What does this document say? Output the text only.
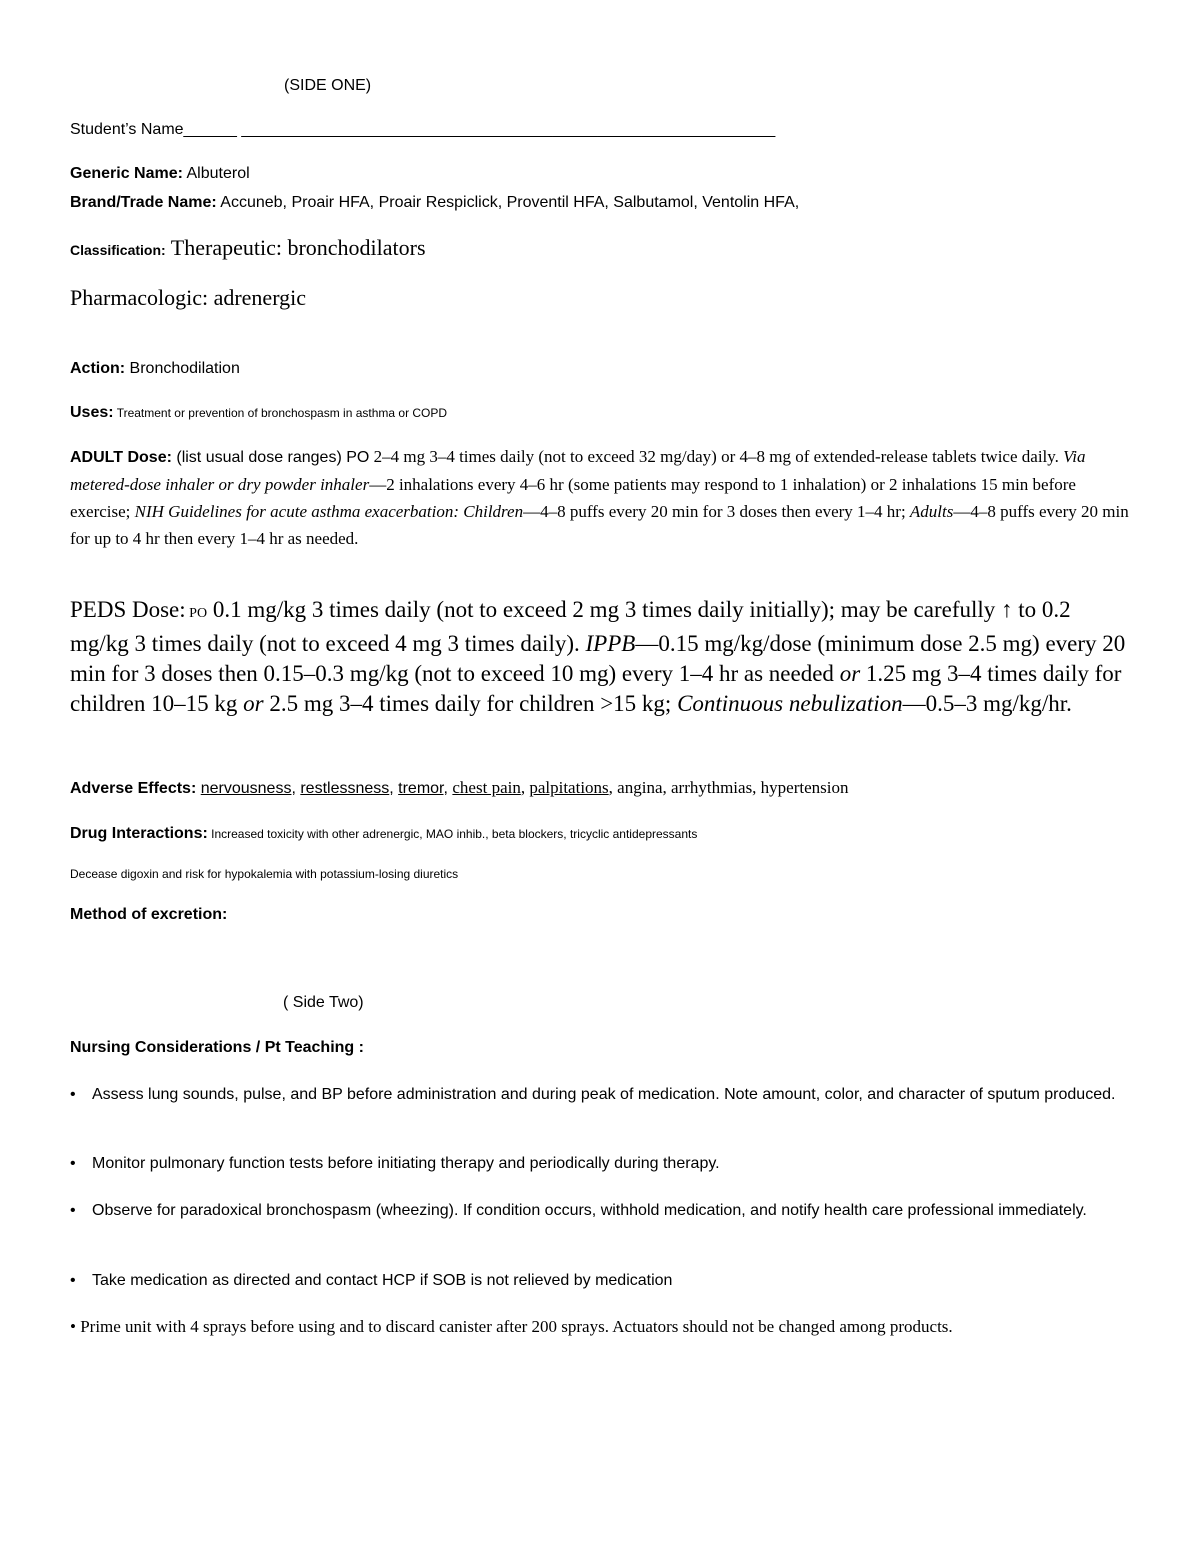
(SIDE ONE)
Student’s Name______ ____________________________________________________________
Generic Name: Albuterol
Brand/Trade Name: Accuneb, Proair HFA, Proair Respiclick, Proventil HFA, Salbutamol, Ventolin HFA,
Classification: Therapeutic: bronchodilators
Pharmacologic: adrenergic
Action: Bronchodilation
Uses: Treatment or prevention of bronchospasm in asthma or COPD
ADULT Dose: (list usual dose ranges) PO 2–4 mg 3–4 times daily (not to exceed 32 mg/day) or 4–8 mg of extended-release tablets twice daily. Via metered-dose inhaler or dry powder inhaler—2 inhalations every 4–6 hr (some patients may respond to 1 inhalation) or 2 inhalations 15 min before exercise; NIH Guidelines for acute asthma exacerbation: Children—4–8 puffs every 20 min for 3 doses then every 1–4 hr; Adults—4–8 puffs every 20 min for up to 4 hr then every 1–4 hr as needed.
PEDS Dose: PO 0.1 mg/kg 3 times daily (not to exceed 2 mg 3 times daily initially); may be carefully ↑ to 0.2 mg/kg 3 times daily (not to exceed 4 mg 3 times daily). IPPB—0.15 mg/kg/dose (minimum dose 2.5 mg) every 20 min for 3 doses then 0.15–0.3 mg/kg (not to exceed 10 mg) every 1–4 hr as needed or 1.25 mg 3–4 times daily for children 10–15 kg or 2.5 mg 3–4 times daily for children >15 kg; Continuous nebulization—0.5–3 mg/kg/hr.
Adverse Effects: nervousness, restlessness, tremor, chest pain, palpitations, angina, arrhythmias, hypertension
Drug Interactions: Increased toxicity with other adrenergic, MAO inhib., beta blockers, tricyclic antidepressants
Decease digoxin and risk for hypokalemia with potassium-losing diuretics
Method of excretion:
( Side Two)
Nursing Considerations / Pt Teaching :
• Assess lung sounds, pulse, and BP before administration and during peak of medication. Note amount, color, and character of sputum produced.
• Monitor pulmonary function tests before initiating therapy and periodically during therapy.
• Observe for paradoxical bronchospasm (wheezing). If condition occurs, withhold medication, and notify health care professional immediately.
• Take medication as directed and contact HCP if SOB is not relieved by medication
• Prime unit with 4 sprays before using and to discard canister after 200 sprays. Actuators should not be changed among products.
